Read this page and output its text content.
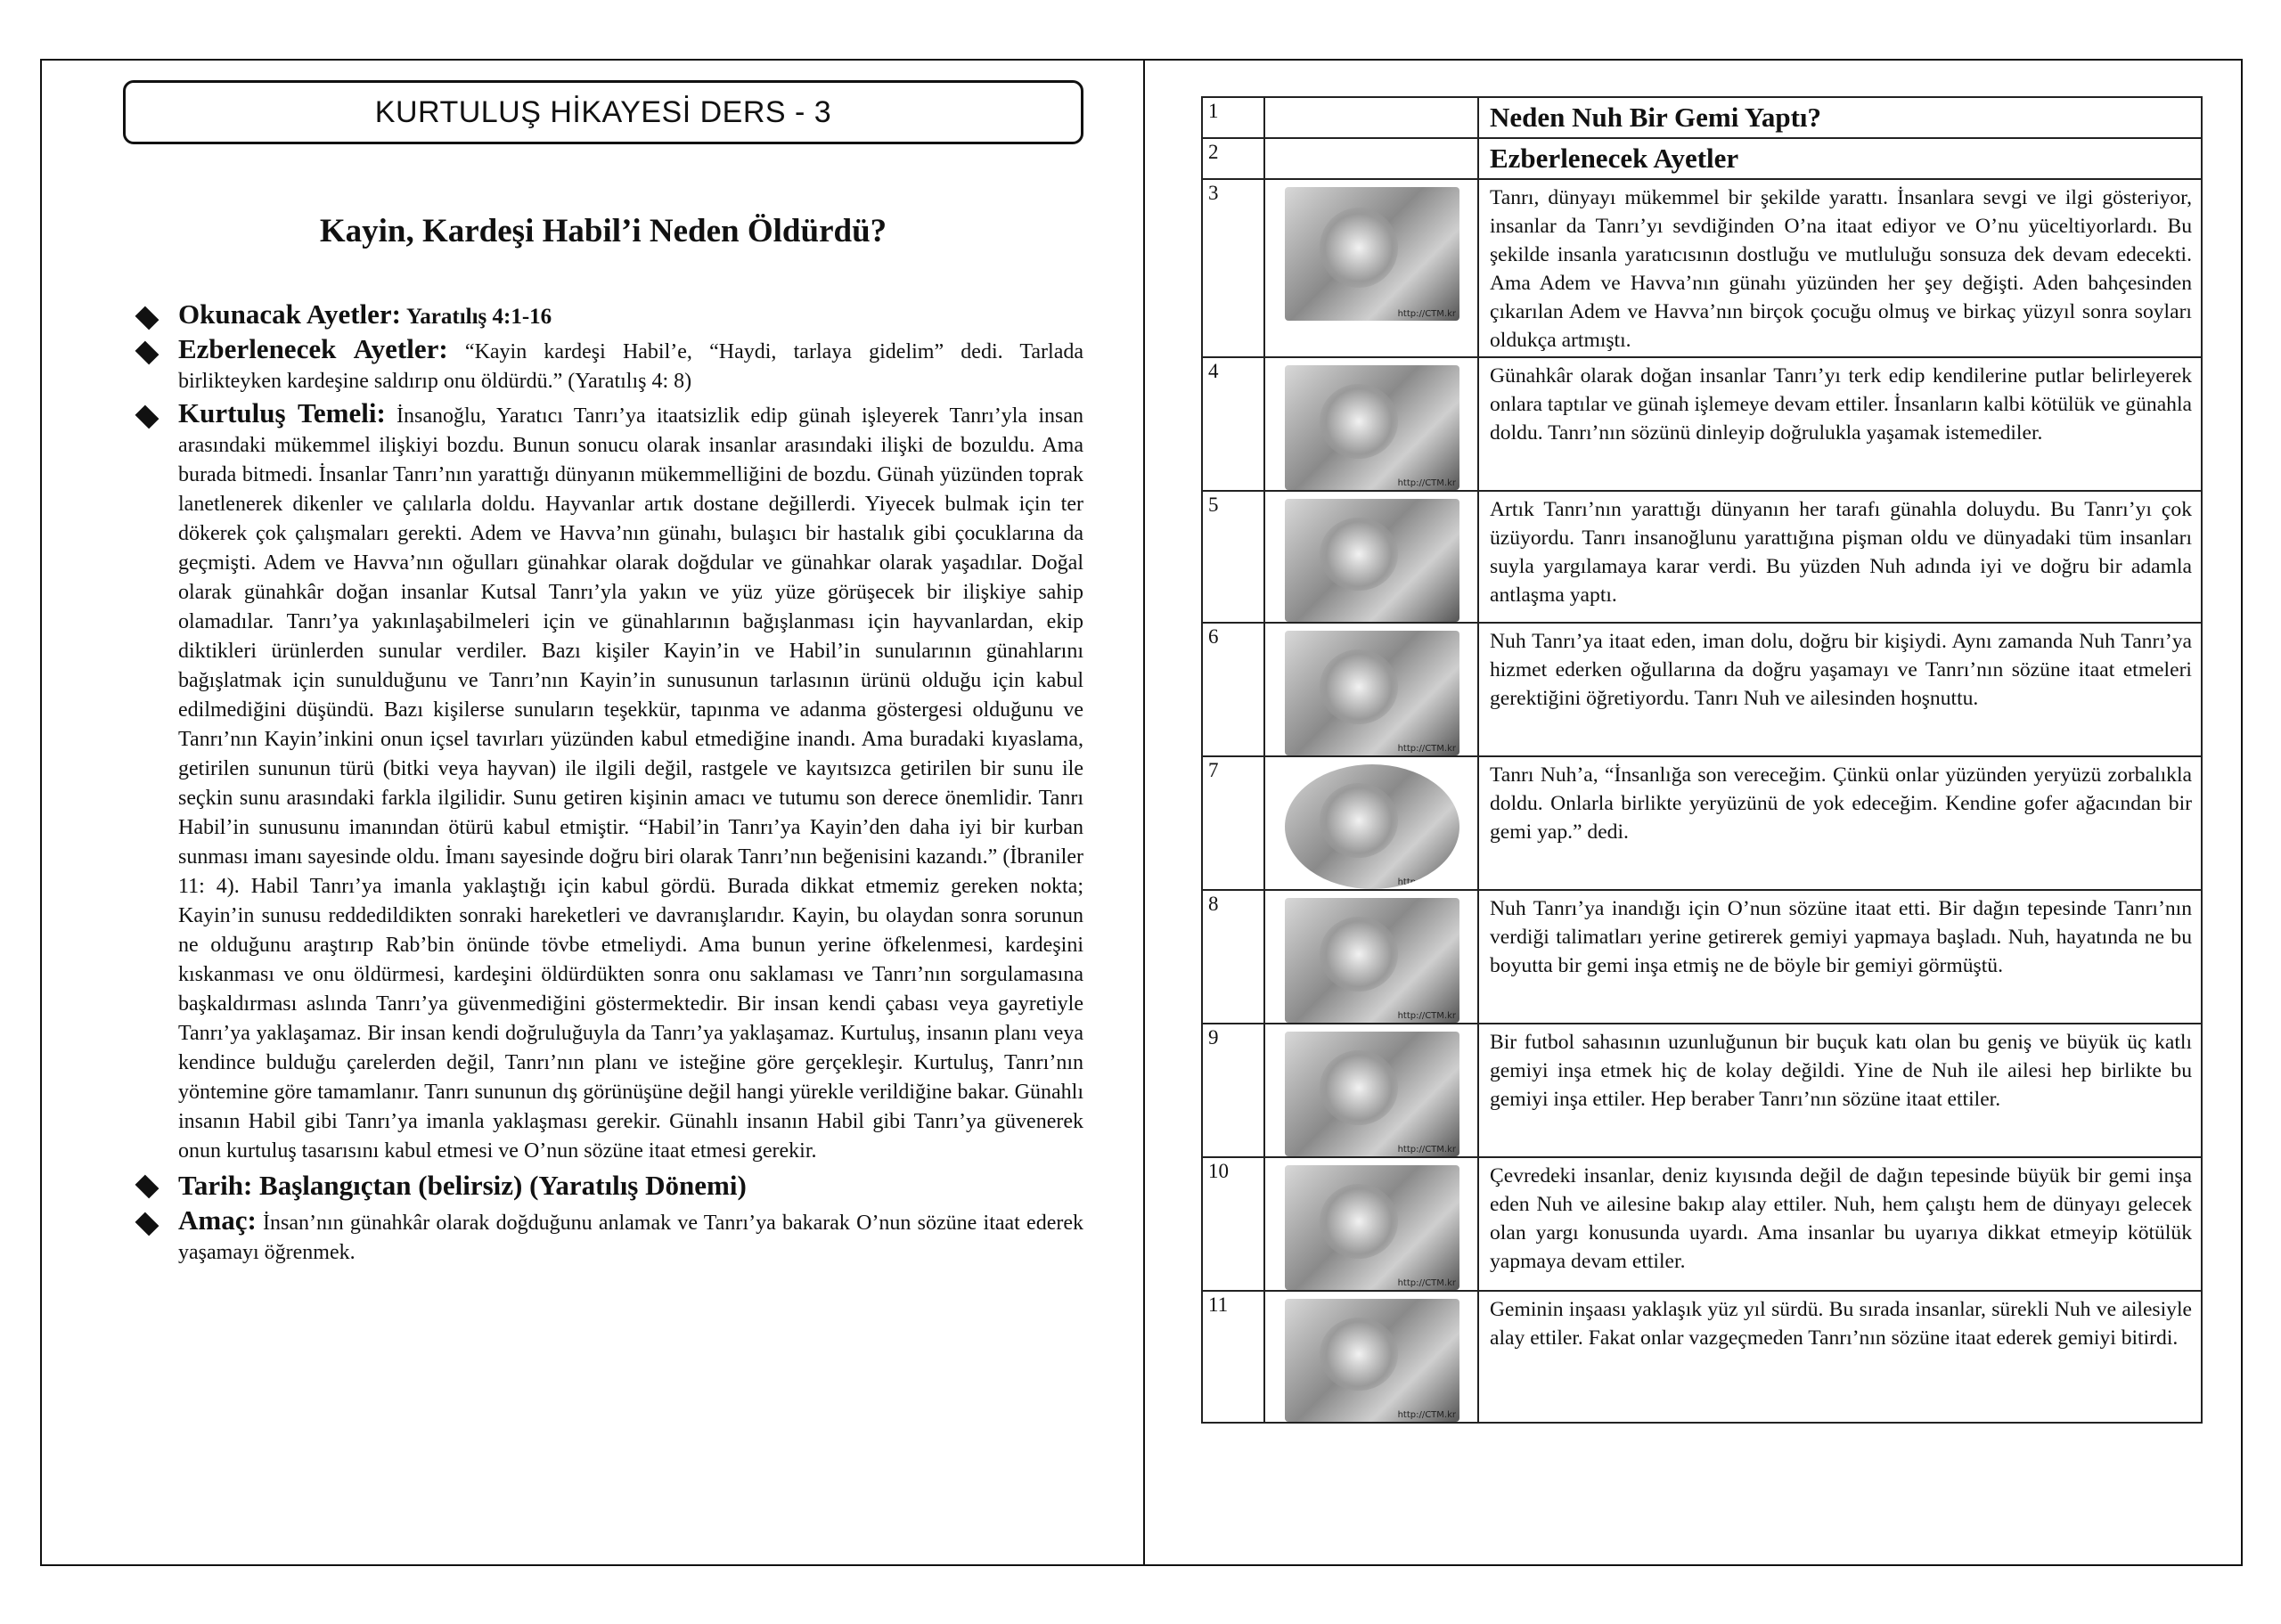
KURTULUŞ HİKAYESİ DERS - 3
Kayin, Kardeşi Habil’i Neden Öldürdü?
Okunacak Ayetler: Yaratılış 4:1-16
Ezberlenecek Ayetler: “Kayin kardeşi Habil’e, “Haydi, tarlaya gidelim” dedi. Tarlada birlikteyken kardeşine saldırıp onu öldürdü.” (Yaratılış 4: 8)
Kurtuluş Temeli: İnsanoğlu, Yaratıcı Tanrı’ya itaatsizlik edip günah işleyerek Tanrı’yla insan arasındaki mükemmel ilişkiyi bozdu. Bunun sonucu olarak insanlar arasındaki ilişki de bozuldu. Ama burada bitmedi. İnsanlar Tanrı’nın yarattığı dünyanın mükemmelliğini de bozdu. Günah yüzünden toprak lanetlenerek dikenler ve çalılarla doldu. Hayvanlar artık dostane değillerdi. Yiyecek bulmak için ter dökerek çok çalışmaları gerekti. Adem ve Havva’nın günahı, bulaşıcı bir hastalık gibi çocuklarına da geçmişti. Adem ve Havva’nın oğulları günahkar olarak doğdular ve günahkar olarak yaşadılar. Doğal olarak günahkâr doğan insanlar Kutsal Tanrı’yla yakın ve yüz yüze görüşecek bir ilişkiye sahip olamadılar. Tanrı’ya yakınlaşabilmeleri için ve günahlarının bağışlanması için hayvanlardan, ekip diktikleri ürünlerden sunular verdiler. Bazı kişiler Kayin’in ve Habil’in sunularının günahlarını bağışlatmak için sunulduğunu ve Tanrı’nın Kayin’in sunusunun tarlasının ürünü olduğu için kabul edilmediğini düşündü. Bazı kişilerse sunuların teşekkür, tapınma ve adanma göstergesi olduğunu ve Tanrı’nın Kayin’inkini onun içsel tavırları yüzünden kabul etmediğine inandı. Ama buradaki kıyaslama, getirilen sununun türü (bitki veya hayvan) ile ilgili değil, rastgele ve kayıtsızca getirilen bir sunu ile seçkin sunu arasındaki farkla ilgilidir. Sunu getiren kişinin amacı ve tutumu son derece önemlidir. Tanrı Habil’in sunusunu imanından ötürü kabul etmiştir. “Habil’in Tanrı’ya Kayin’den daha iyi bir kurban sunması imanı sayesinde oldu. İmanı sayesinde doğru biri olarak Tanrı’nın beğenisini kazandı.” (İbraniler 11: 4). Habil Tanrı’ya imanla yaklaştığı için kabul gördü. Burada dikkat etmemiz gereken nokta; Kayin’in sunusu reddedildikten sonraki hareketleri ve davranışlarıdır. Kayin, bu olaydan sonra sorunun ne olduğunu araştırıp Rab’bin önünde tövbe etmeliydi. Ama bunun yerine öfkelenmesi, kardeşini kıskanması ve onu öldürmesi, kardeşini öldürdükten sonra onu saklaması ve Tanrı’nın sorgulamasına başkaldırması aslında Tanrı’ya güvenmediğini göstermektedir. Bir insan kendi çabası veya gayretiyle Tanrı’ya yaklaşamaz. Bir insan kendi doğruluğuyla da Tanrı’ya yaklaşamaz. Kurtuluş, insanın planı veya kendince bulduğu çarelerden değil, Tanrı’nın planı ve isteğine göre gerçekleşir. Kurtuluş, Tanrı’nın yöntemine göre tamamlanır. Tanrı sununun dış görünüşüne değil hangi yürekle verildiğine bakar. Günahlı insanın Habil gibi Tanrı’ya imanla yaklaşması gerekir. Günahlı insanın Habil gibi Tanrı’ya güvenerek onun kurtuluş tasarısını kabul etmesi ve O’nun sözüne itaat etmesi gerekir.
Tarih: Başlangıçtan (belirsiz) (Yaratılış Dönemi)
Amaç: İnsan’nın günahkâr olarak doğduğunu anlamak ve Tanrı’ya bakarak O’nun sözüne itaat ederek yaşamayı öğrenmek.
1		Neden Nuh Bir Gemi Yaptı?
2		Ezberlenecek Ayetler
3	http://CTM.kr	Tanrı, dünyayı mükemmel bir şekilde yarattı. İnsanlara sevgi ve ilgi gösteriyor, insanlar da Tanrı’yı sevdiğinden O’na itaat ediyor ve O’nu yüceltiyorlardı. Bu şekilde insanla yaratıcısının dostluğu ve mutluluğu sonsuza dek devam edecekti. Ama Adem ve Havva’nın günahı yüzünden her şey değişti. Aden bahçesinden çıkarılan Adem ve Havva’nın birçok çocuğu olmuş ve birkaç yüzyıl sonra soyları oldukça artmıştı.
4	http://CTM.kr	Günahkâr olarak doğan insanlar Tanrı’yı terk edip kendilerine putlar belirleyerek onlara taptılar ve günah işlemeye devam ettiler. İnsanların kalbi kötülük ve günahla doldu. Tanrı’nın sözünü dinleyip doğrulukla yaşamak istemediler.
5		Artık Tanrı’nın yarattığı dünyanın her tarafı günahla doluydu. Bu Tanrı’yı çok üzüyordu. Tanrı insanoğlunu yarattığına pişman oldu ve dünyadaki tüm insanları suyla yargılamaya karar verdi. Bu yüzden Nuh adında iyi ve doğru bir adamla antlaşma yaptı.
6	http://CTM.kr	Nuh Tanrı’ya itaat eden, iman dolu, doğru bir kişiydi. Aynı zamanda Nuh Tanrı’ya hizmet ederken oğullarına da doğru yaşamayı ve Tanrı’nın sözüne itaat etmeleri gerektiğini öğretiyordu. Tanrı Nuh ve ailesinden hoşnuttu.
7	http://CTM.kr	Tanrı Nuh’a, “İnsanlığa son vereceğim. Çünkü onlar yüzünden yeryüzü zorbalıkla doldu. Onlarla birlikte yeryüzünü de yok edeceğim. Kendine gofer ağacından bir gemi yap.” dedi.
8	http://CTM.kr	Nuh Tanrı’ya inandığı için O’nun sözüne itaat etti. Bir dağın tepesinde Tanrı’nın verdiği talimatları yerine getirerek gemiyi yapmaya başladı. Nuh, hayatında ne bu boyutta bir gemi inşa etmiş ne de böyle bir gemiyi görmüştü.
9	http://CTM.kr	Bir futbol sahasının uzunluğunun bir buçuk katı olan bu geniş ve büyük üç katlı gemiyi inşa etmek hiç de kolay değildi. Yine de Nuh ile ailesi hep birlikte bu gemiyi inşa ettiler. Hep beraber Tanrı’nın sözüne itaat ettiler.
10	http://CTM.kr	Çevredeki insanlar, deniz kıyısında değil de dağın tepesinde büyük bir gemi inşa eden Nuh ve ailesine bakıp alay ettiler. Nuh, hem çalıştı hem de dünyayı gelecek olan yargı konusunda uyardı. Ama insanlar bu uyarıya dikkat etmeyip kötülük yapmaya devam ettiler.
11	http://CTM.kr	Geminin inşaası yaklaşık yüz yıl sürdü. Bu sırada insanlar, sürekli Nuh ve ailesiyle alay ettiler. Fakat onlar vazgeçmeden Tanrı’nın sözüne itaat ederek gemiyi bitirdi.
